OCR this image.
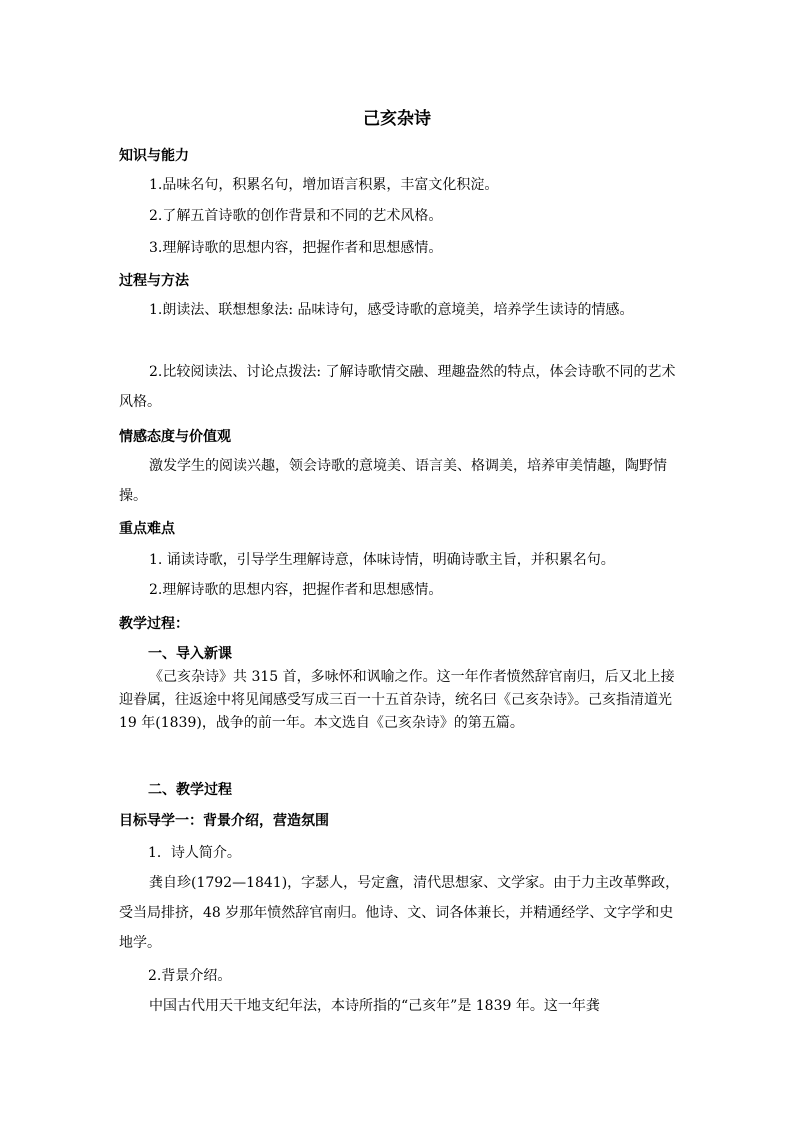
己亥杂诗
知识与能力

1.品味名句，积累名句，增加语言积累，丰富文化积淀。

2.了解五首诗歌的创作背景和不同的艺术风格。

3.理解诗歌的思想内容，把握作者和思想感情。

过程与方法

1.朗读法、联想想象法: 品味诗句，感受诗歌的意境美，培养学生读诗的情感。

2.比较阅读法、讨论点拨法: 了解诗歌情交融、理趣盎然的特点，体会诗歌不同的艺术风格。

情感态度与价值观

激发学生的阅读兴趣，领会诗歌的意境美、语言美、格调美，培养审美情趣，陶野情操。

重点难点

1. 诵读诗歌，引导学生理解诗意，体味诗情，明确诗歌主旨，并积累名句。

2.理解诗歌的思想内容，把握作者和思想感情。

教学过程：
一、导入新课

《己亥杂诗》共 315 首，多咏怀和讽喻之作。这一年作者愤然辞官南归，后又北上接迎眷属，往返途中将见闻感受写成三百一十五首杂诗，统名曰《己亥杂诗》。己亥指清道光 19 年(1839)，战争的前一年。本文选自《己亥杂诗》的第五篇。

二、教学过程
目标导学一：背景介绍，营造氛围
1．诗人简介。

龚自珍(1792—1841)，字瑟人，号定盦，清代思想家、文学家。由于力主改革弊政，受当局排挤，48 岁那年愤然辞官南归。他诗、文、词各体兼长，并精通经学、文字学和史地学。

2.背景介绍。

中国古代用天干地支纪年法，本诗所指的“己亥年”是 1839 年。这一年龚
